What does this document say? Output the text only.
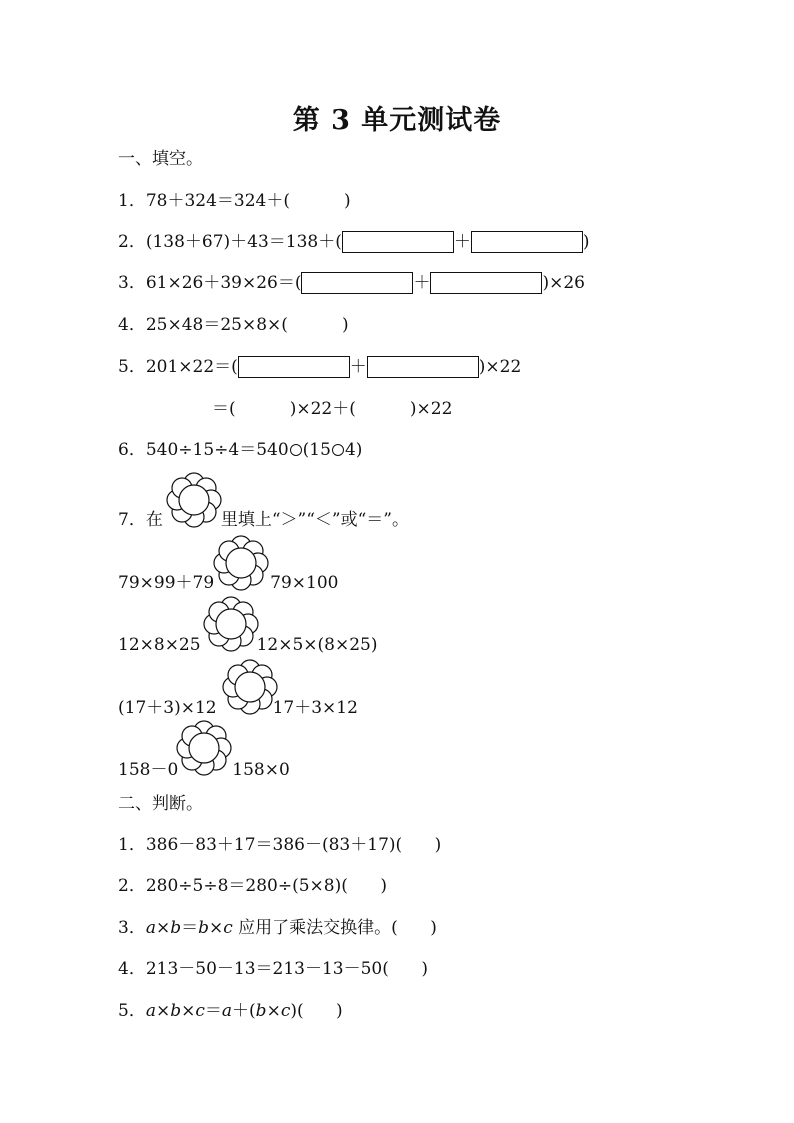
第 3 单元测试卷
一、填空。
1． 78＋324＝324＋(
	)
2． (138＋67)＋43＝138＋(	＋	)
3． 61×26＋39×26＝(	＋	)×26
4． 25×48＝25×8×(
	)
5． 201×22＝(	＋	)×22
＝(
	)×22＋(
	)×22
6． 540÷15÷4＝540 (15 4)
7． 在	里填上“＞”“＜”或“＝”。
79×99＋79	79×100
12×8×25	12×5×(8×25)
(17＋3)×12	17＋3×12
158－0	158×0
二、判断。
1． 386－83＋17＝386－(83＋17)(
)
2． 280÷5÷8＝280÷(5×8)(
)
3． a × b ＝ b × c 应用了乘法交换律。(
)
4． 213－50－13＝213－13－50(
)
5． a × b × c ＝ a ＋( b × c )(
)
